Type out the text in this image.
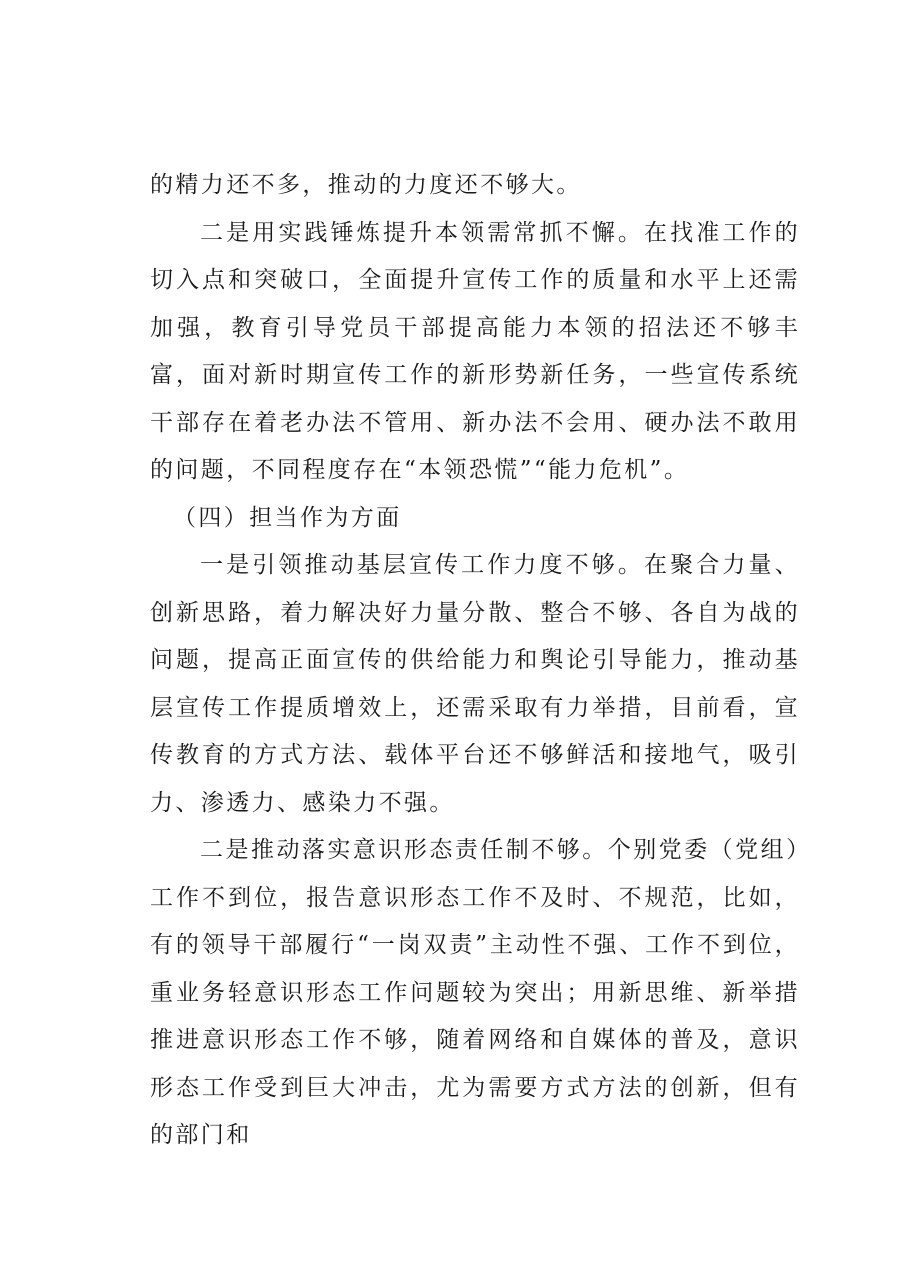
的精力还不多，推动的力度还不够大。

二是用实践锤炼提升本领需常抓不懈。在找准工作的切入点和突破口，全面提升宣传工作的质量和水平上还需加强，教育引导党员干部提高能力本领的招法还不够丰富，面对新时期宣传工作的新形势新任务，一些宣传系统干部存在着老办法不管用、新办法不会用、硬办法不敢用的问题，不同程度存在“本领恐慌”“能力危机”。

（四）担当作为方面

一是引领推动基层宣传工作力度不够。在聚合力量、创新思路，着力解决好力量分散、整合不够、各自为战的问题，提高正面宣传的供给能力和舆论引导能力，推动基层宣传工作提质增效上，还需采取有力举措，目前看，宣传教育的方式方法、载体平台还不够鲜活和接地气，吸引力、渗透力、感染力不强。

二是推动落实意识形态责任制不够。个别党委（党组）工作不到位，报告意识形态工作不及时、不规范，比如，有的领导干部履行“一岗双责”主动性不强、工作不到位，重业务轻意识形态工作问题较为突出；用新思维、新举措推进意识形态工作不够，随着网络和自媒体的普及，意识形态工作受到巨大冲击，尤为需要方式方法的创新，但有的部门和
